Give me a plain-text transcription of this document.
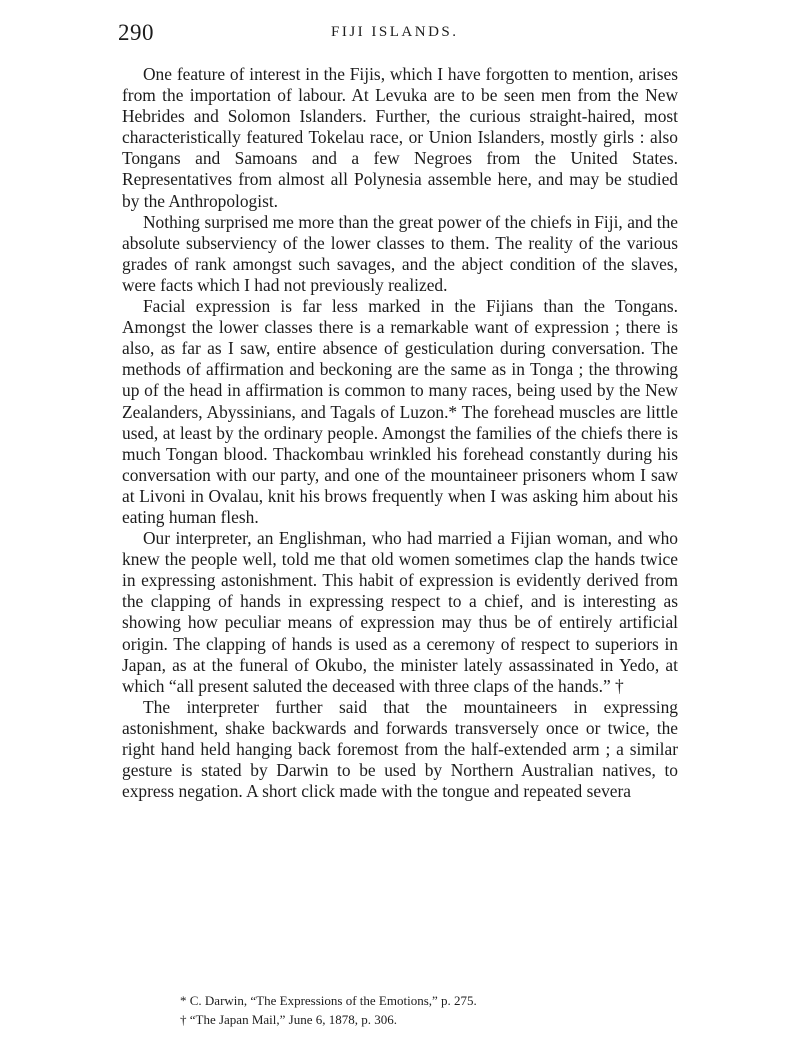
290	FIJI ISLANDS.

One feature of interest in the Fijis, which I have forgotten to mention, arises from the importation of labour. At Levuka are to be seen men from the New Hebrides and Solomon Islanders. Further, the curious straight-haired, most characteristically featured Tokelau race, or Union Islanders, mostly girls : also Tongans and Samoans and a few Negroes from the United States. Representatives from almost all Polynesia assemble here, and may be studied by the Anthropologist.

Nothing surprised me more than the great power of the chiefs in Fiji, and the absolute subserviency of the lower classes to them. The reality of the various grades of rank amongst such savages, and the abject condition of the slaves, were facts which I had not previously realized.

Facial expression is far less marked in the Fijians than the Tongans. Amongst the lower classes there is a remarkable want of expression ; there is also, as far as I saw, entire absence of gesticulation during conversation. The methods of affirmation and beckoning are the same as in Tonga ; the throwing up of the head in affirmation is common to many races, being used by the New Zealanders, Abyssinians, and Tagals of Luzon.* The forehead muscles are little used, at least by the ordinary people. Amongst the families of the chiefs there is much Tongan blood. Thackombau wrinkled his forehead constantly during his conversation with our party, and one of the mountaineer prisoners whom I saw at Livoni in Ovalau, knit his brows frequently when I was asking him about his eating human flesh.

Our interpreter, an Englishman, who had married a Fijian woman, and who knew the people well, told me that old women sometimes clap the hands twice in expressing astonishment. This habit of expression is evidently derived from the clapping of hands in expressing respect to a chief, and is interesting as showing how peculiar means of expression may thus be of entirely artificial origin. The clapping of hands is used as a ceremony of respect to superiors in Japan, as at the funeral of Okubo, the minister lately assassinated in Yedo, at which “all present saluted the deceased with three claps of the hands.” †

The interpreter further said that the mountaineers in expressing astonishment, shake backwards and forwards transversely once or twice, the right hand held hanging back foremost from the half-extended arm ; a similar gesture is stated by Darwin to be used by Northern Australian natives, to express negation. A short click made with the tongue and repeated severa

* C. Darwin, “The Expressions of the Emotions,” p. 275.
† “The Japan Mail,” June 6, 1878, p. 306.
